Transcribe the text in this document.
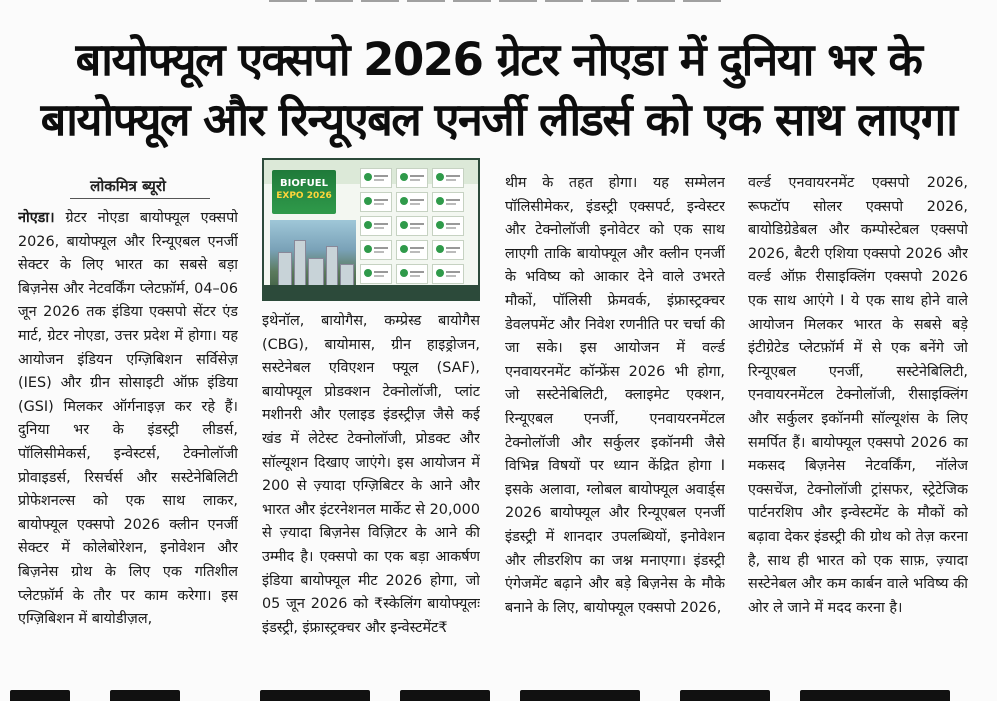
बायोफ्यूल एक्सपो 2026 ग्रेटर नोएडा में दुनिया भर के
बायोफ्यूल और रिन्यूएबल एनर्जी लीडर्स को एक साथ लाएगा
लोकमित्र ब्यूरो

नोएडा। ग्रेटर नोएडा बायोफ्यूल एक्सपो 2026, बायोफ्यूल और रिन्यूएबल एनर्जी सेक्टर के लिए भारत का सबसे बड़ा बिज़नेस और नेटवर्किंग प्लेटफ़ॉर्म, 04–06 जून 2026 तक इंडिया एक्सपो सेंटर एंड मार्ट, ग्रेटर नोएडा, उत्तर प्रदेश में होगा। यह आयोजन इंडियन एग्ज़िबिशन सर्विसेज़ (IES) और ग्रीन सोसाइटी ऑफ़ इंडिया (GSI) मिलकर ऑर्गनाइज़ कर रहे हैं। दुनिया भर के इंडस्ट्री लीडर्स, पॉलिसीमेकर्स, इन्वेस्टर्स, टेक्नोलॉजी प्रोवाइडर्स, रिसर्चर्स और सस्टेनेबिलिटी प्रोफेशनल्स को एक साथ लाकर, बायोफ्यूल एक्सपो 2026 क्लीन एनर्जी सेक्टर में कोलेबोरेशन, इनोवेशन और बिज़नेस ग्रोथ के लिए एक गतिशील प्लेटफ़ॉर्म के तौर पर काम करेगा। इस एग्ज़िबिशन में बायोडीज़ल,

BIOFUEL
EXPO 2026

इथेनॉल, बायोगैस, कम्प्रेस्ड बायोगैस (CBG), बायोमास, ग्रीन हाइड्रोजन, सस्टेनेबल एविएशन फ्यूल (SAF), बायोफ्यूल प्रोडक्शन टेक्नोलॉजी, प्लांट मशीनरी और एलाइड इंडस्ट्रीज़ जैसे कई खंड में लेटेस्ट टेक्नोलॉजी, प्रोडक्ट और सॉल्यूशन दिखाए जाएंगे। इस आयोजन में 200 से ज़्यादा एग्ज़िबिटर के आने और भारत और इंटरनेशनल मार्केट से 20,000 से ज़्यादा बिज़नेस विज़िटर के आने की उम्मीद है। एक्सपो का एक बड़ा आकर्षण इंडिया बायोफ्यूल मीट 2026 होगा, जो 05 जून 2026 को ₹स्केलिंग बायोफ्यूलः इंडस्ट्री, इंफ्रास्ट्रक्चर और इन्वेस्टमेंट₹

थीम के तहत होगा। यह सम्मेलन पॉलिसीमेकर, इंडस्ट्री एक्सपर्ट, इन्वेस्टर और टेक्नोलॉजी इनोवेटर को एक साथ लाएगी ताकि बायोफ्यूल और क्लीन एनर्जी के भविष्य को आकार देने वाले उभरते मौकों, पॉलिसी फ्रेमवर्क, इंफ्रास्ट्रक्चर डेवलपमेंट और निवेश रणनीति पर चर्चा की जा सके। इस आयोजन में वर्ल्ड एनवायरनमेंट कॉन्फ्रेंस 2026 भी होगा, जो सस्टेनेबिलिटी, क्लाइमेट एक्शन, रिन्यूएबल एनर्जी, एनवायरनमेंटल टेक्नोलॉजी और सर्कुलर इकॉनमी जैसे विभिन्न विषयों पर ध्यान केंद्रित होगा I इसके अलावा, ग्लोबल बायोफ्यूल अवार्ड्स 2026 बायोफ्यूल और रिन्यूएबल एनर्जी इंडस्ट्री में शानदार उपलब्धियों, इनोवेशन और लीडरशिप का जश्न मनाएगा। इंडस्ट्री एंगेजमेंट बढ़ाने और बड़े बिज़नेस के मौके बनाने के लिए, बायोफ्यूल एक्सपो 2026,

वर्ल्ड एनवायरनमेंट एक्सपो 2026, रूफटॉप सोलर एक्सपो 2026, बायोडिग्रेडेबल और कम्पोस्टेबल एक्सपो 2026, बैटरी एशिया एक्सपो 2026 और वर्ल्ड ऑफ़ रीसाइक्लिंग एक्सपो 2026 एक साथ आएंगे I ये एक साथ होने वाले आयोजन मिलकर भारत के सबसे बड़े इंटीग्रेटेड प्लेटफ़ॉर्म में से एक बनेंगे जो रिन्यूएबल एनर्जी, सस्टेनेबिलिटी, एनवायरनमेंटल टेक्नोलॉजी, रीसाइक्लिंग और सर्कुलर इकॉनमी सॉल्यूशंस के लिए समर्पित हैं। बायोफ्यूल एक्सपो 2026 का मकसद बिज़नेस नेटवर्किंग, नॉलेज एक्सचेंज, टेक्नोलॉजी ट्रांसफर, स्ट्रेटेजिक पार्टनरशिप और इन्वेस्टमेंट के मौकों को बढ़ावा देकर इंडस्ट्री की ग्रोथ को तेज़ करना है, साथ ही भारत को एक साफ़, ज़्यादा सस्टेनेबल और कम कार्बन वाले भविष्य की ओर ले जाने में मदद करना है।
